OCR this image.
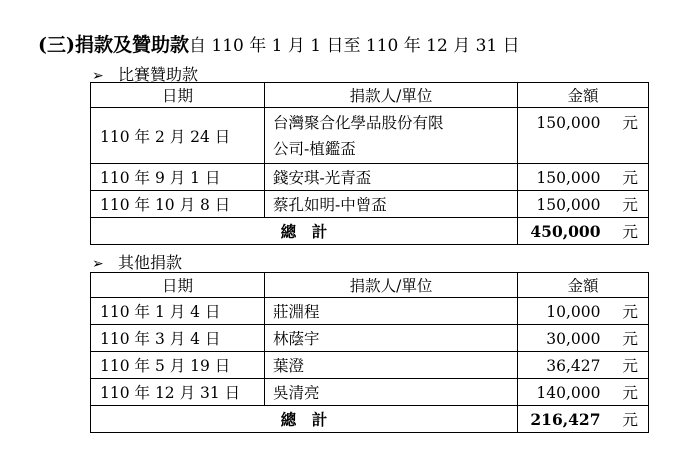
(三)捐款及贊助款自 110 年 1 月 1 日至 110 年 12 月 31 日
➢ 比賽贊助款
日期	捐款人/單位	金額
110 年 2 月 24 日	台灣聚合化學品股份有限
公司-植鑑盃	150,000 元
110 年 9 月 1 日	錢安琪-光青盃	150,000 元
110 年 10 月 8 日	蔡孔如明-中曾盃	150,000 元
總　計		450,000 元
➢ 其他捐款
日期	捐款人/單位	金額
110 年 1 月 4 日	莊淵程	10,000 元
110 年 3 月 4 日	林蔭宇	30,000 元
110 年 5 月 19 日	葉澄	36,427 元
110 年 12 月 31 日	吳清亮	140,000 元
總　計		216,427 元
